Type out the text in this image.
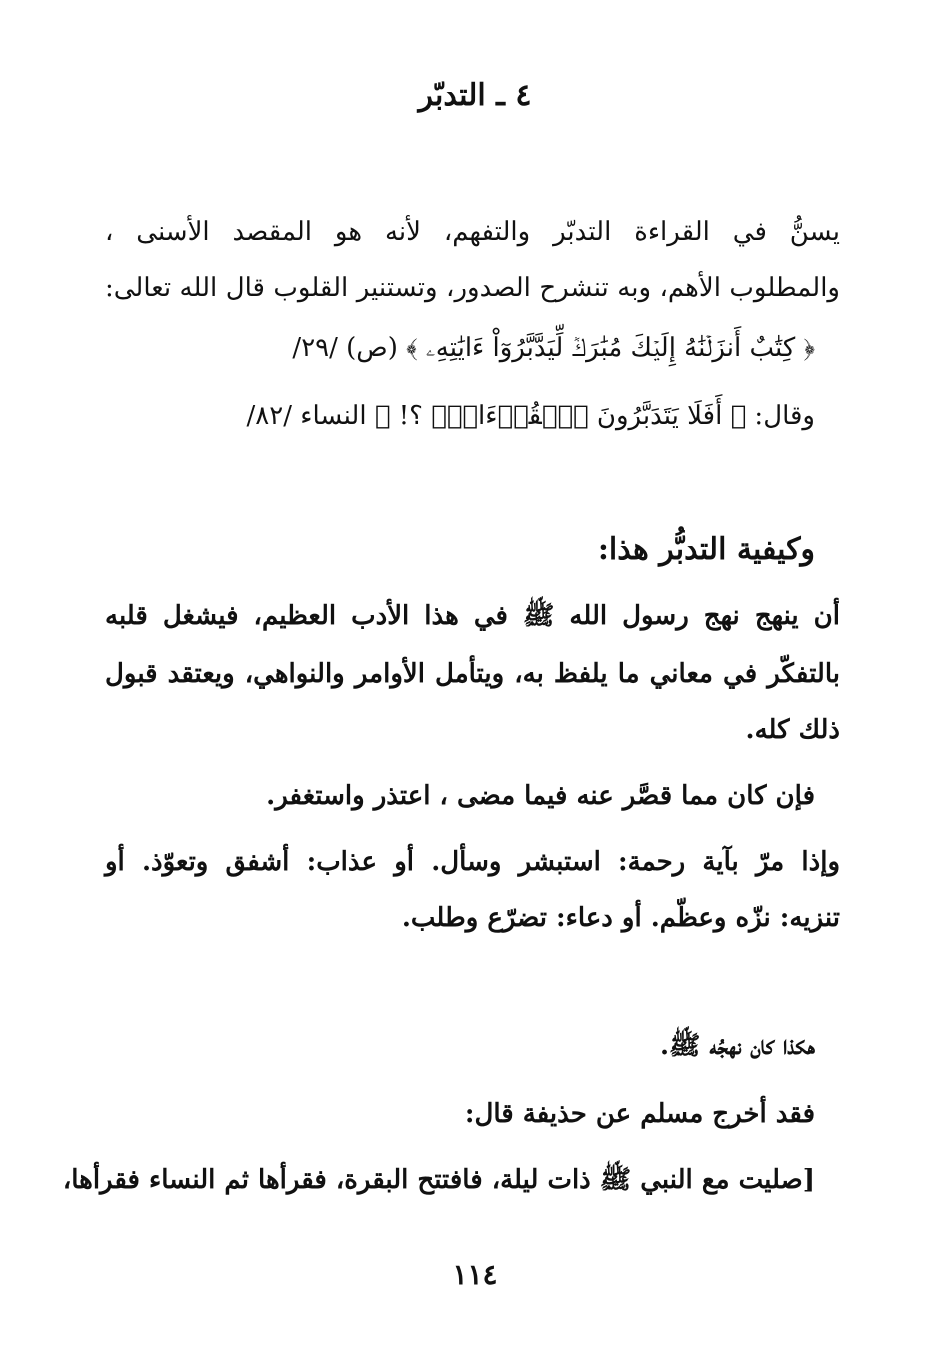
٤ ـ التدبّر
يسنُّ في القراءة التدبّر والتفهم، لأنه هو المقصد الأسنى ،
والمطلوب الأهم، وبه تنشرح الصدور، وتستنير القلوب قال الله تعالى:
﴿ كِتَٰبٌ أَنزَلۡنَٰهُ إِلَيۡكَ مُبَٰرَكٞ لِّيَدَّبَّرُوٓاْ ءَايَٰتِهِۦ ﴾ (ص) /٢٩/
وقال: ﴿ أَفَلَا يَتَدَبَّرُونَ ٱلۡقُرۡءَانَۚ ؟! ﴾ النساء /٨٢/
وكيفية التدبُّر هذا:
أن ينهج نهج رسول الله ﷺ في هذا الأدب العظيم، فيشغل قلبه
بالتفكّر في معاني ما يلفظ به، ويتأمل الأوامر والنواهي، ويعتقد قبول
ذلك كله.
فإن كان مما قصَّر عنه فيما مضى ، اعتذر واستغفر.
وإذا مرّ بآية رحمة: استبشر وسأل. أو عذاب: أشفق وتعوّذ. أو
تنزيه: نزّه وعظّم. أو دعاء: تضرّع وطلب.
هكذا كان نهجُه ﷺ.
فقد أخرج مسلم عن حذيفة قال:
[صليت مع النبي ﷺ ذات ليلة، فافتتح البقرة، فقرأها ثم النساء فقرأها،
١١٤
